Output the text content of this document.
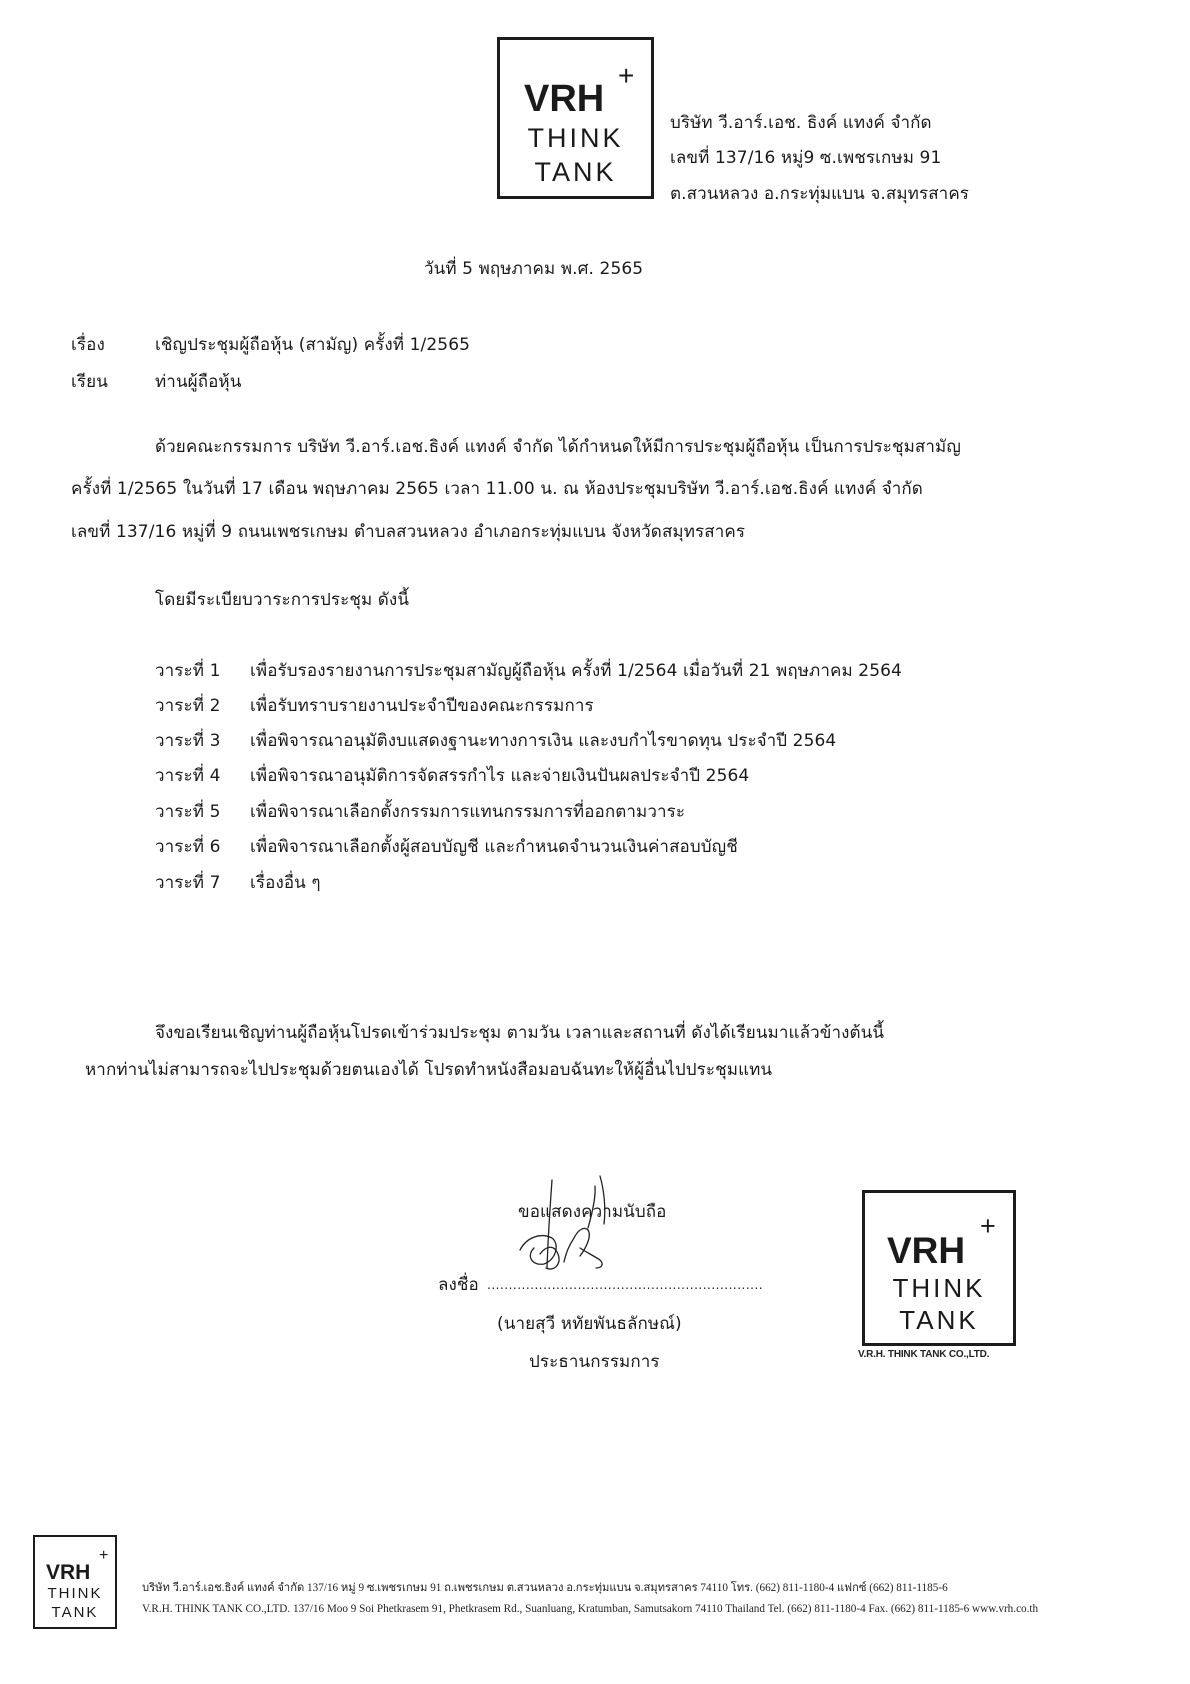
VRH
+
THINK
TANK
บริษัท วี.อาร์.เอช. ธิงค์ แทงค์ จำกัด
เลขที่ 137/16 หมู่9 ซ.เพชรเกษม 91
ต.สวนหลวง อ.กระทุ่มแบน จ.สมุทรสาคร
วันที่ 5 พฤษภาคม พ.ศ. 2565
เรื่อง	เชิญประชุมผู้ถือหุ้น (สามัญ) ครั้งที่ 1/2565
เรียน	ท่านผู้ถือหุ้น
ด้วยคณะกรรมการ บริษัท วี.อาร์.เอช.ธิงค์ แทงค์ จำกัด ได้กำหนดให้มีการประชุมผู้ถือหุ้น เป็นการประชุมสามัญ
ครั้งที่ 1/2565 ในวันที่ 17 เดือน พฤษภาคม 2565 เวลา 11.00 น. ณ ห้องประชุมบริษัท วี.อาร์.เอช.ธิงค์ แทงค์ จำกัด
เลขที่ 137/16 หมู่ที่ 9 ถนนเพชรเกษม ตำบลสวนหลวง อำเภอกระทุ่มแบน จังหวัดสมุทรสาคร
โดยมีระเบียบวาระการประชุม ดังนี้
วาระที่ 1 เพื่อรับรองรายงานการประชุมสามัญผู้ถือหุ้น ครั้งที่ 1/2564 เมื่อวันที่ 21 พฤษภาคม 2564
วาระที่ 2 เพื่อรับทราบรายงานประจำปีของคณะกรรมการ
วาระที่ 3 เพื่อพิจารณาอนุมัติงบแสดงฐานะทางการเงิน และงบกำไรขาดทุน ประจำปี 2564
วาระที่ 4 เพื่อพิจารณาอนุมัติการจัดสรรกำไร และจ่ายเงินปันผลประจำปี 2564
วาระที่ 5 เพื่อพิจารณาเลือกตั้งกรรมการแทนกรรมการที่ออกตามวาระ
วาระที่ 6 เพื่อพิจารณาเลือกตั้งผู้สอบบัญชี และกำหนดจำนวนเงินค่าสอบบัญชี
วาระที่ 7 เรื่องอื่น ๆ
จึงขอเรียนเชิญท่านผู้ถือหุ้นโปรดเข้าร่วมประชุม ตามวัน เวลาและสถานที่ ดังได้เรียนมาแล้วข้างต้นนี้
หากท่านไม่สามารถจะไปประชุมด้วยตนเองได้ โปรดทำหนังสือมอบฉันทะให้ผู้อื่นไปประชุมแทน
ขอแสดงความนับถือ
ลงชื่อ ................................................................
(นายสุวี หทัยพันธลักษณ์)
ประธานกรรมการ
VRH
+
THINK
TANK
V.R.H. THINK TANK CO.,LTD.
VRH
+
THINK
TANK
บริษัท วี.อาร์.เอช.ธิงค์ แทงค์ จำกัด 137/16 หมู่ 9 ซ.เพชรเกษม 91 ถ.เพชรเกษม ต.สวนหลวง อ.กระทุ่มแบน จ.สมุทรสาคร 74110 โทร. (662) 811-1180-4 แฟกซ์ (662) 811-1185-6
V.R.H. THINK TANK CO.,LTD. 137/16 Moo 9 Soi Phetkrasem 91, Phetkrasem Rd., Suanluang, Kratumban, Samutsakorn 74110 Thailand Tel. (662) 811-1180-4 Fax. (662) 811-1185-6 www.vrh.co.th
